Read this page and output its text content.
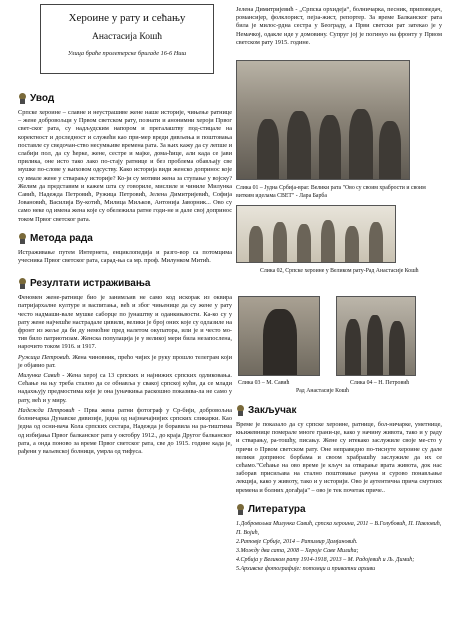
Хероине у рату и сећању
Анастасија Кошћ
Улица браће пролетерске бригаде 16-6 Ниш
Увод

Српске хероине – славне и неустрашиве жене наше историје, чињење ратнице – жене добровољци у Првом светском рату, познати и анонимни хероји Првог свет-ског рата, су надљудским напором и прегалаштву под-стицале на коректност и доследност и служећи као при-мер вреди дивљења и поштовања поставле су сведочан-ство несумњиве времена рата. За њих кажу да су лепше и слабији пол, да су ћерке, жене, сестре и мајке, дома-ћице, али када се јави прилика, оне исто тако лако по-стају ратнице и без проблема обављају све мушке по-слове у њиховом одсуству. Како историја види женско допринос које су имале жене у стварању историје? Ко-ји су мотиви жена за ступање у војску? Желим да представим и кажем шта су говориле, мислиле и чиниле Милунка Савић, Надежда Петровић, Ружица Петровић, Јелена Димитријевић, Софија Јовановић, Василија Ву-котић, Милица Миљков, Антонија Јаворник... Ово су само неке од имена жена које су обележила ратне годи-не и дале свој допринос током Првог светског рата.

Метода рада

Истраживање путем Интернета, енциклопедија и разго-вор са потомцима учесника Првог светског рата, сарад-ња са мр. проф. Милунком Митић.

Резултати истраживања

Феномен жене-ратнице био је занимљив не само код искорак из оквира патријархалне културе и васпитања, већ и због чињенице да су жене у рату често надмаши-вале мушке саборце по јунаштву и оданкињвости. Ка-ко су у рату жене најчешће настрадале цивили, велики је број оних које су одлазиле на фронт из жеље да би ду немоћне пред налетом окупатора, или је и често мо-тив било патриотизам. Женска популација је у великој мери била незапослена, нарочито током 1916. и 1917.

Ружица Петровић. Жена чиновник, прећо чијих је руку прошло телеграм који је објавио рат.

Милунка Савић - Жена херој са 13 српских и најнижих српских одликовања. Сећање на њу треба стално да се обнавља у свакој српској кући, да се млади надахњују предмостима које је она јуначкиња раскошно показива-ла не само у рату, већ и у миру.

Надежда Петровић - Прва жена ратни фотограф у Ср-бији, добровољна болничарка Дунавске дивизије, једна од најзначајнијих српских сликарки. Као једна од осни-вача Кола српских сестара, Надежда је боравила на ра-тиштима од избијања Првог балканског рата у октобру 1912., до краја Другог балканског рата, а онда поново за време Првог светског рата, све до 1915. године када је, рађени у ваљевској болници, умрла од тифуса.

Јелена Димитријевић - „Српска орхидеја“, болничарка, песник, приповедач, романсијер, фолклорист, пејза-жист, репортер. За време Балканског рата била је милос-рдна сестра у Београду, а Први светски рат затекао је у Немачкој, одакле иде у домовину. Супруг јој је погинуо на фронту у Првом светском рату 1915. године.

Слика 01 – Јудна Србија-враг. Велики рата "Ово су своим храбрости и своим витким иделама СВЕТ" - Лара Барба
Слика 02, Српске хероине у Великом рату-Рад Анастасије Кошћ
Слика 03 – М. Савић	Слика 04 – Н. Петровић
Рад Анастасије Кошћ
Закључак

Време је показало да су српске хероине, ратнице, бол-ничарке, уметнице, књижевнице померале многе грани-це, како у начину живота, тако и у раду и стварању, ра-тошћу, писању. Жене су итекако заслужиле своје ме-сто у причи о Првом светском рату. Оне неправедно по-тиснуте хероине су дале велики допринос борбама и своом храбрашћу заслужиле да их се сећамо."Сећање на ово време је кључ за отварање врата живота, док нас заборав присиљава на стално поштовање рачуна и сурово понављање лекција, како у животу, тако и у историји. Ово је аутентична прича смутних времена и болних догађаја" – ово је тек почетак приче..

Литература
1.Добровољка Милунка Савић, српска хероина, 2011 – В.Голубовић, П. Павловић, П. Војић,
2.Ратовје Србије, 2014 – Ратимир Дамјановић.
3.Можду два сата, 2008 – Хероје Саве Милића;
4.Србија у Великом рату 1914-1918, 2013 – М. Радојевић и Љ. Димић;
5.Архивске фотографије: потомци и приватни архиви
